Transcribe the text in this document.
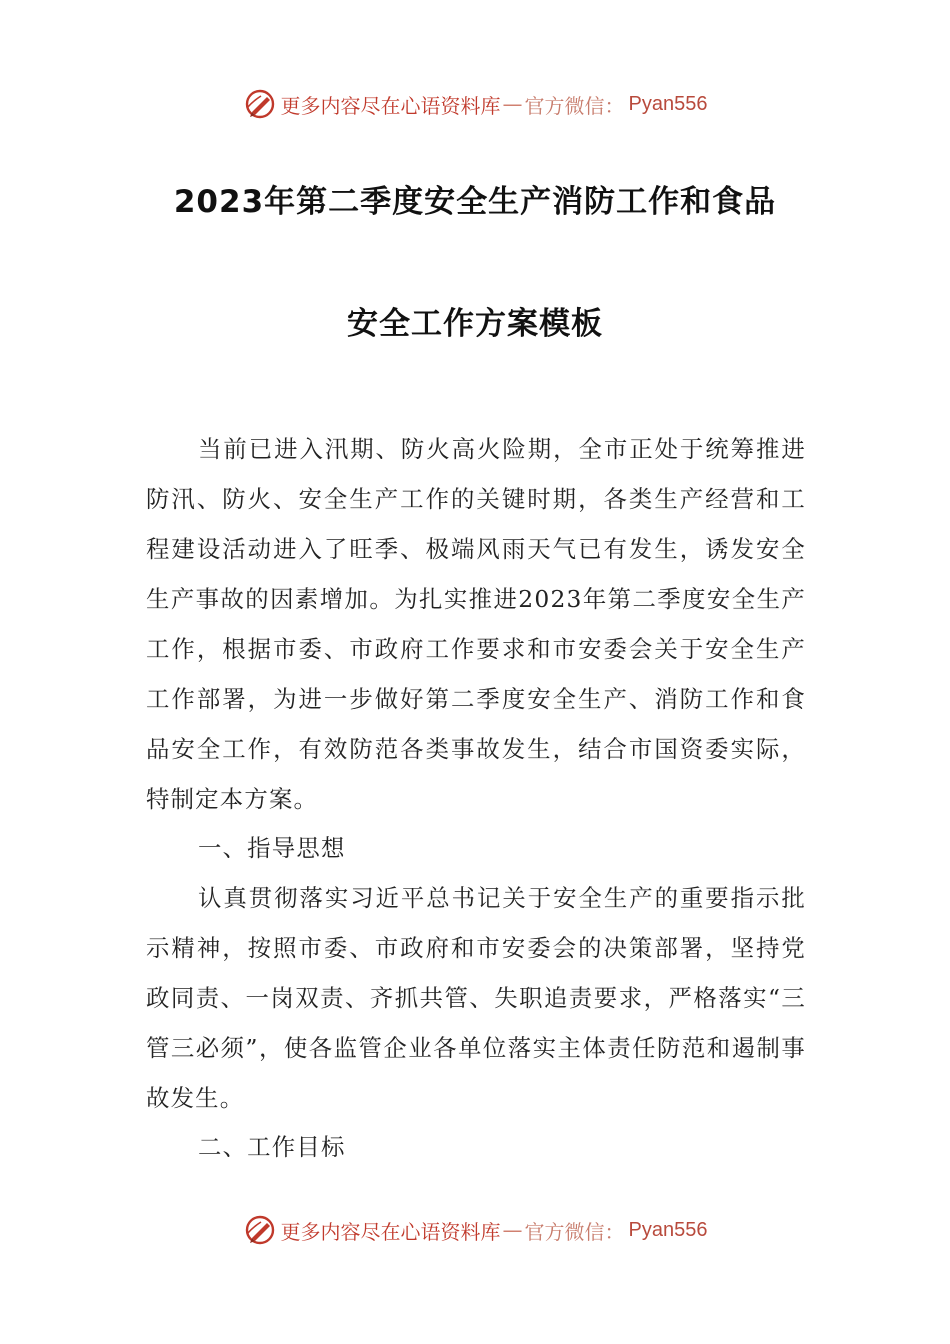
更多内容尽在心语资料库 — 官方微信： Pyan556
2023年第二季度安全生产消防工作和食品
安全工作方案模板

当前已进入汛期、防火高火险期，全市正处于统筹推进防汛、防火、安全生产工作的关键时期，各类生产经营和工程建设活动进入了旺季、极端风雨天气已有发生，诱发安全生产事故的因素增加。为扎实推进2023年第二季度安全生产工作，根据市委、市政府工作要求和市安委会关于安全生产工作部署，为进一步做好第二季度安全生产、消防工作和食品安全工作，有效防范各类事故发生，结合市国资委实际，特制定本方案。

一、指导思想

认真贯彻落实习近平总书记关于安全生产的重要指示批示精神，按照市委、市政府和市安委会的决策部署，坚持党政同责、一岗双责、齐抓共管、失职追责要求，严格落实“三管三必须”，使各监管企业各单位落实主体责任防范和遏制事故发生。

二、工作目标
更多内容尽在心语资料库 — 官方微信： Pyan556
